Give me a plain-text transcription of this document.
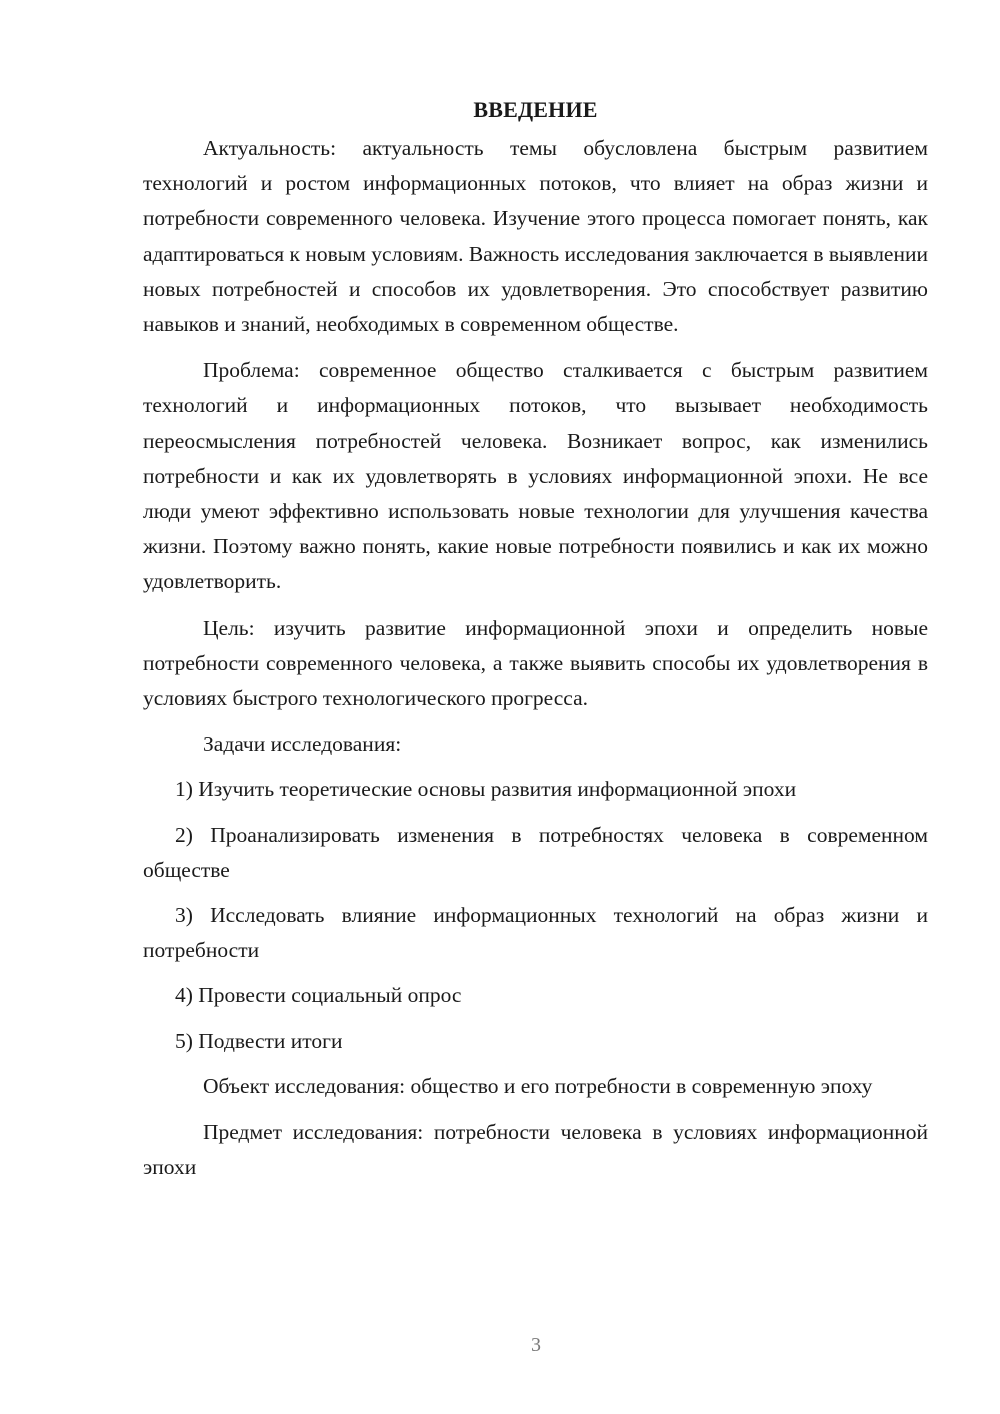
ВВЕДЕНИЕ

Актуальность: актуальность темы обусловлена быстрым развитием технологий и ростом информационных потоков, что влияет на образ жизни и потребности современного человека. Изучение этого процесса помогает понять, как адаптироваться к новым условиям. Важность исследования заключается в выявлении новых потребностей и способов их удовлетворения. Это способствует развитию навыков и знаний, необходимых в современном обществе.

Проблема: современное общество сталкивается с быстрым развитием технологий и информационных потоков, что вызывает необходимость переосмысления потребностей человека. Возникает вопрос, как изменились потребности и как их удовлетворять в условиях информационной эпохи. Не все люди умеют эффективно использовать новые технологии для улучшения качества жизни. Поэтому важно понять, какие новые потребности появились и как их можно удовлетворить.

Цель: изучить развитие информационной эпохи и определить новые потребности современного человека, а также выявить способы их удовлетворения в условиях быстрого технологического прогресса.

Задачи исследования:

1) Изучить теоретические основы развития информационной эпохи

2) Проанализировать изменения в потребностях человека в современном обществе

3) Исследовать влияние информационных технологий на образ жизни и потребности

4) Провести социальный опрос

5) Подвести итоги

Объект исследования: общество и его потребности в современную эпоху

Предмет исследования: потребности человека в условиях информационной эпохи

3
